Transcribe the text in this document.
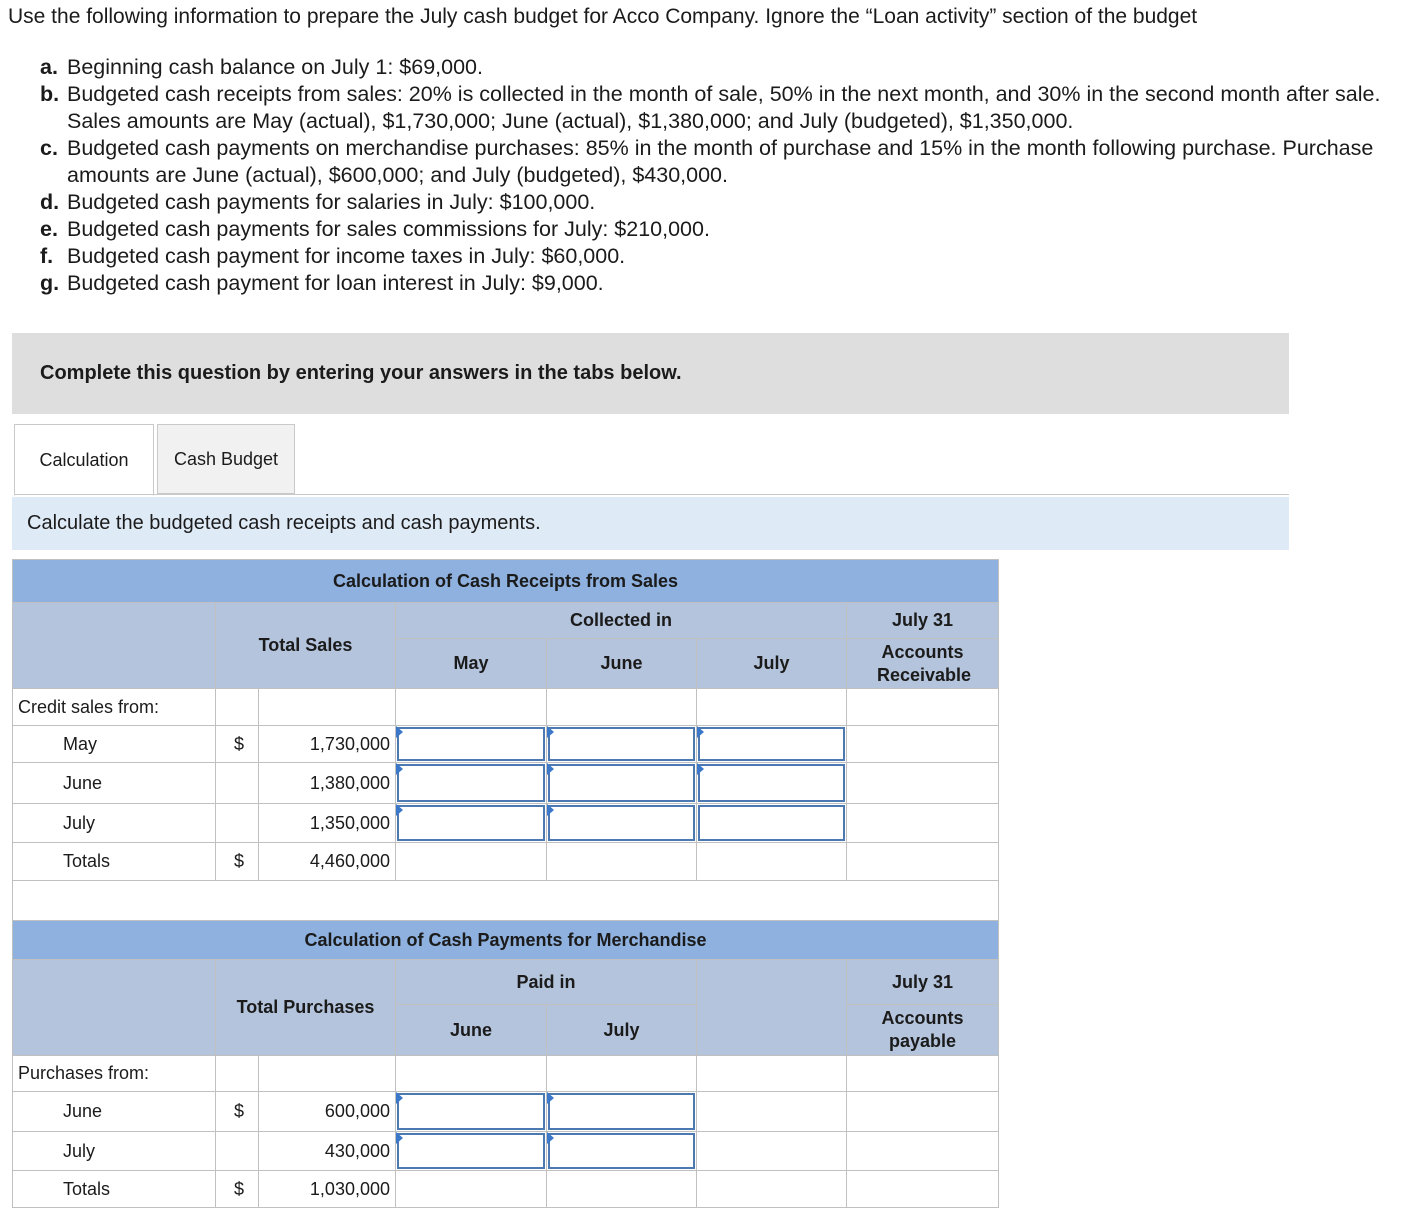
Use the following information to prepare the July cash budget for Acco Company. Ignore the “Loan activity” section of the budget
a. Beginning cash balance on July 1: $69,000.
b. Budgeted cash receipts from sales: 20% is collected in the month of sale, 50% in the next month, and 30% in the second month after sale. Sales amounts are May (actual), $1,730,000; June (actual), $1,380,000; and July (budgeted), $1,350,000.
c. Budgeted cash payments on merchandise purchases: 85% in the month of purchase and 15% in the month following purchase. Purchase amounts are June (actual), $600,000; and July (budgeted), $430,000.
d. Budgeted cash payments for salaries in July: $100,000.
e. Budgeted cash payments for sales commissions for July: $210,000.
f. Budgeted cash payment for income taxes in July: $60,000.
g. Budgeted cash payment for loan interest in July: $9,000.
Complete this question by entering your answers in the tabs below.
Calculation	Cash Budget
Calculate the budgeted cash receipts and cash payments.
Calculation of Cash Receipts from Sales						
	Total Sales		Collected in			July 31
			May	June	July	Accounts Receivable
Credit sales from:						
May	$	1,730,000	

June		1,380,000	

July		1,350,000	

Totals	$	4,460,000				

Calculation of Cash Payments for Merchandise						
	Total Purchases		Paid in			July 31
			June	July		Accounts payable
Purchases from:						
June	$	600,000	

July		430,000	

Totals	$	1,030,000				
